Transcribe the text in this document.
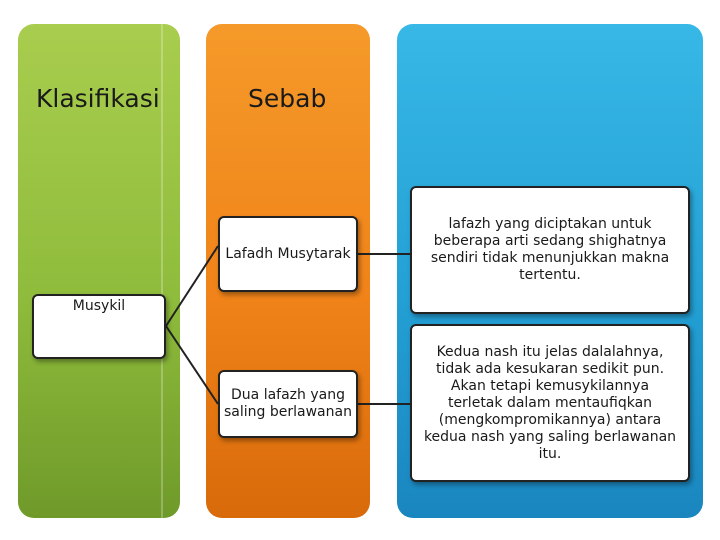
Klasifikasi	Sebab
Musykil
Lafadh Musytarak
Dua lafazh yang saling berlawanan
lafazh yang diciptakan untuk beberapa arti sedang shighatnya sendiri tidak menunjukkan makna tertentu.
Kedua nash itu jelas dalalahnya, tidak ada kesukaran sedikit pun. Akan tetapi kemusykilannya terletak dalam mentaufiqkan (mengkompromikannya) antara kedua nash yang saling berlawanan itu.
